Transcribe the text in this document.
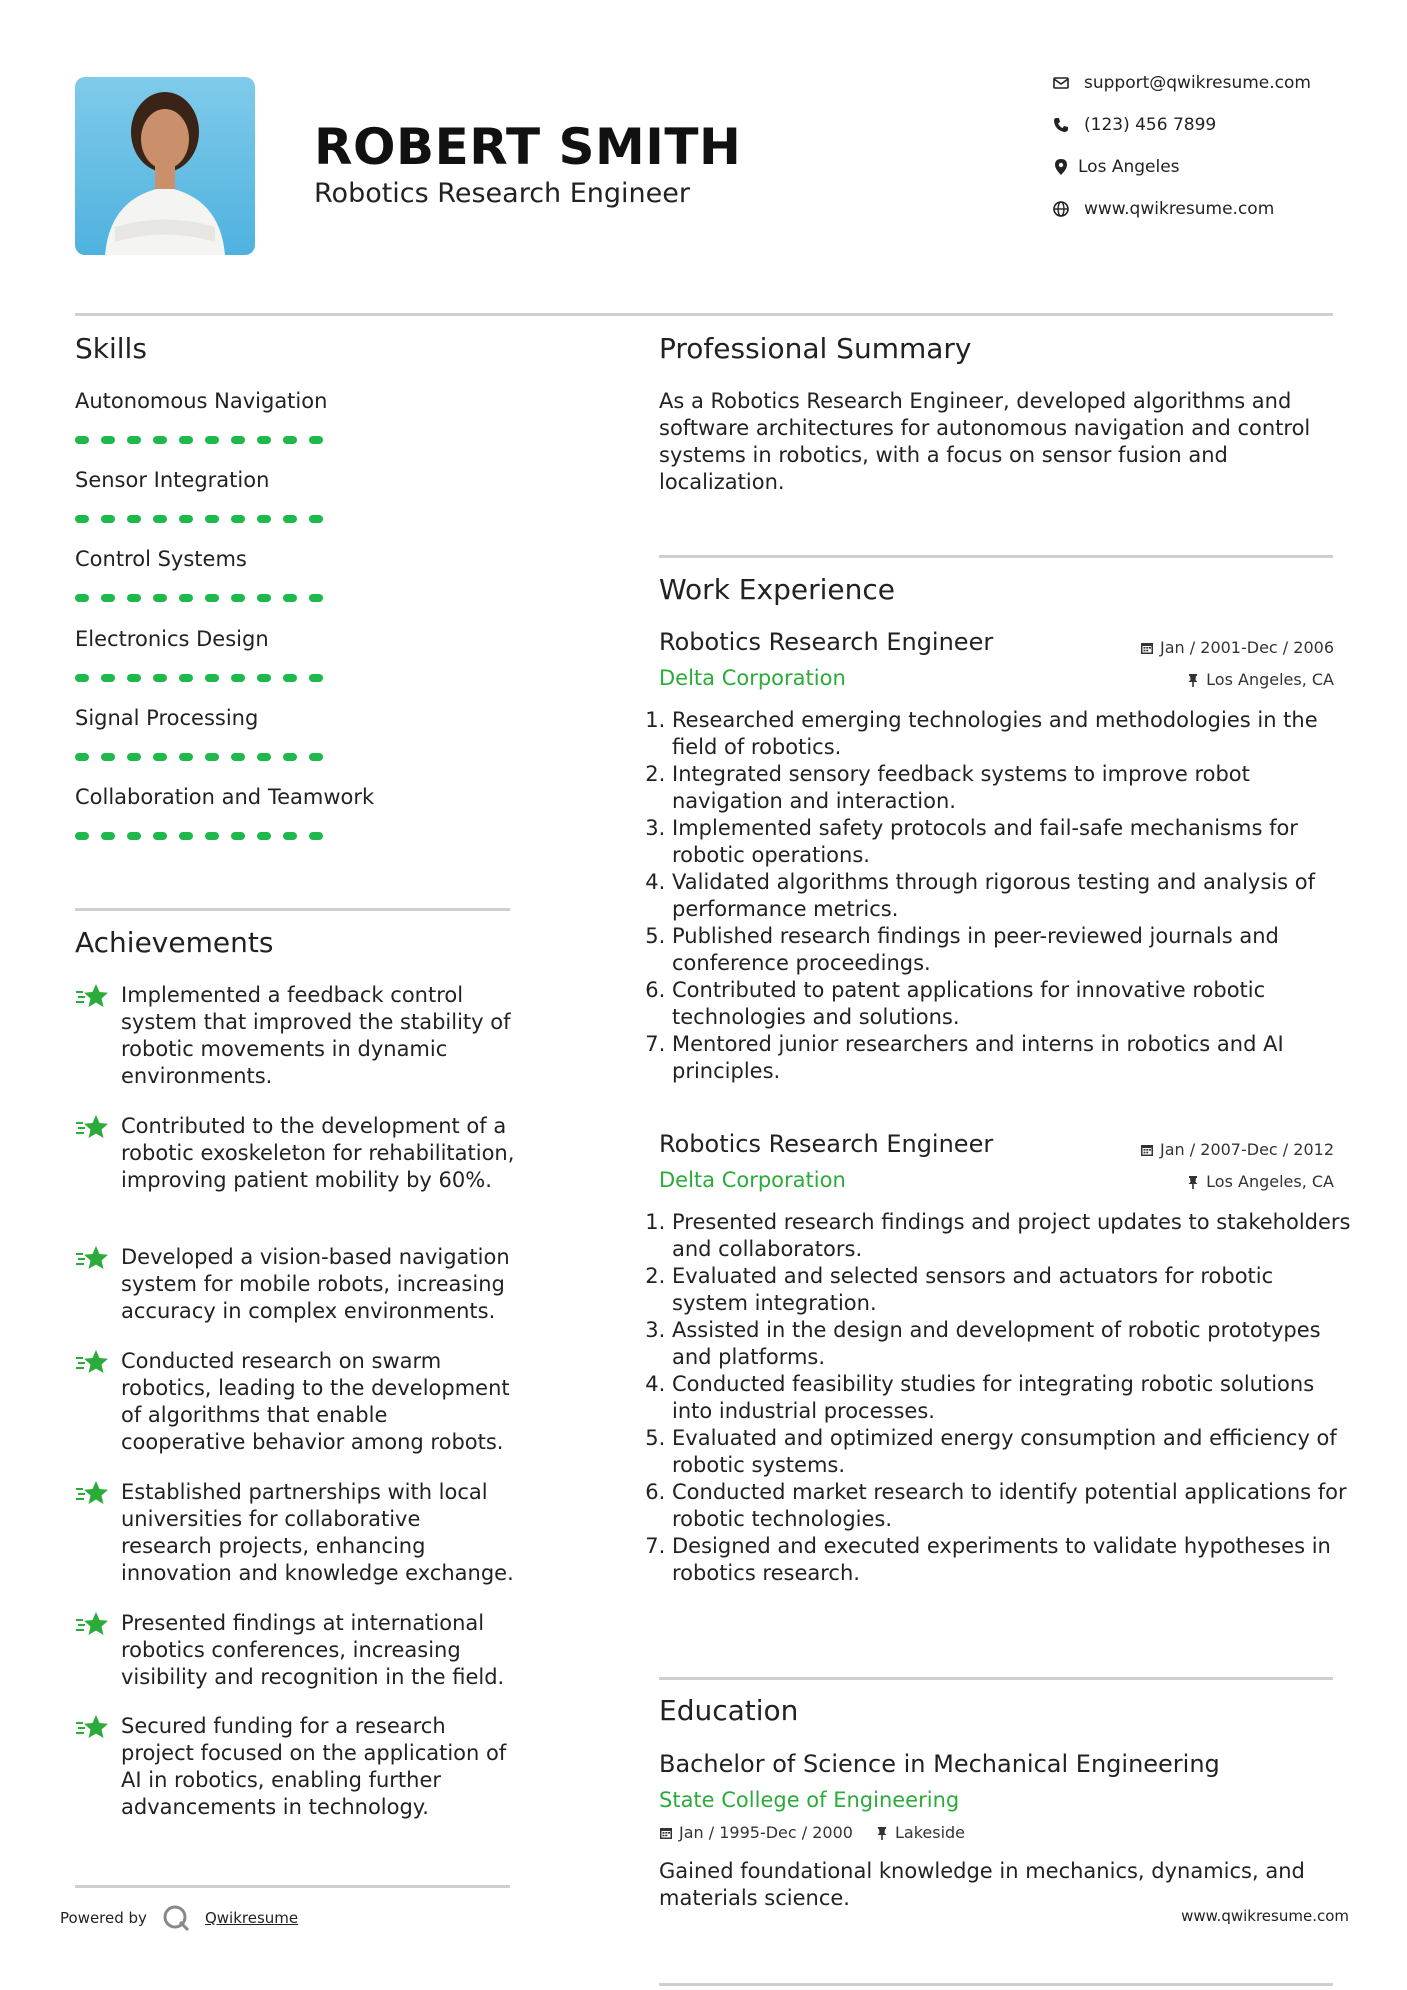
ROBERT SMITH
Robotics Research Engineer
support@qwikresume.com
(123) 456 7899
Los Angeles
www.qwikresume.com
Skills
Autonomous Navigation
Sensor Integration
Control Systems
Electronics Design
Signal Processing
Collaboration and Teamwork
Achievements
Implemented a feedback control system that improved the stability of robotic movements in dynamic environments.
Contributed to the development of a robotic exoskeleton for rehabilitation, improving patient mobility by 60%.
Developed a vision-based navigation system for mobile robots, increasing accuracy in complex environments.
Conducted research on swarm robotics, leading to the development of algorithms that enable cooperative behavior among robots.
Established partnerships with local universities for collaborative research projects, enhancing innovation and knowledge exchange.
Presented findings at international robotics conferences, increasing visibility and recognition in the field.
Secured funding for a research project focused on the application of AI in robotics, enabling further advancements in technology.
Powered by	Qwikresume
Professional Summary
As a Robotics Research Engineer, developed algorithms and software architectures for autonomous navigation and control systems in robotics, with a focus on sensor fusion and localization.
Work Experience
Robotics Research Engineer	Jan / 2001-Dec / 2006
Delta Corporation	Los Angeles, CA
1. Researched emerging technologies and methodologies in the field of robotics.
2. Integrated sensory feedback systems to improve robot navigation and interaction.
3. Implemented safety protocols and fail-safe mechanisms for robotic operations.
4. Validated algorithms through rigorous testing and analysis of performance metrics.
5. Published research findings in peer-reviewed journals and conference proceedings.
6. Contributed to patent applications for innovative robotic technologies and solutions.
7. Mentored junior researchers and interns in robotics and AI principles.
Robotics Research Engineer	Jan / 2007-Dec / 2012
Delta Corporation	Los Angeles, CA
1. Presented research findings and project updates to stakeholders and collaborators.
2. Evaluated and selected sensors and actuators for robotic system integration.
3. Assisted in the design and development of robotic prototypes and platforms.
4. Conducted feasibility studies for integrating robotic solutions into industrial processes.
5. Evaluated and optimized energy consumption and efficiency of robotic systems.
6. Conducted market research to identify potential applications for robotic technologies.
7. Designed and executed experiments to validate hypotheses in robotics research.
Education
Bachelor of Science in Mechanical Engineering
State College of Engineering
Jan / 1995-Dec / 2000	Lakeside
Gained foundational knowledge in mechanics, dynamics, and materials science.
www.qwikresume.com
